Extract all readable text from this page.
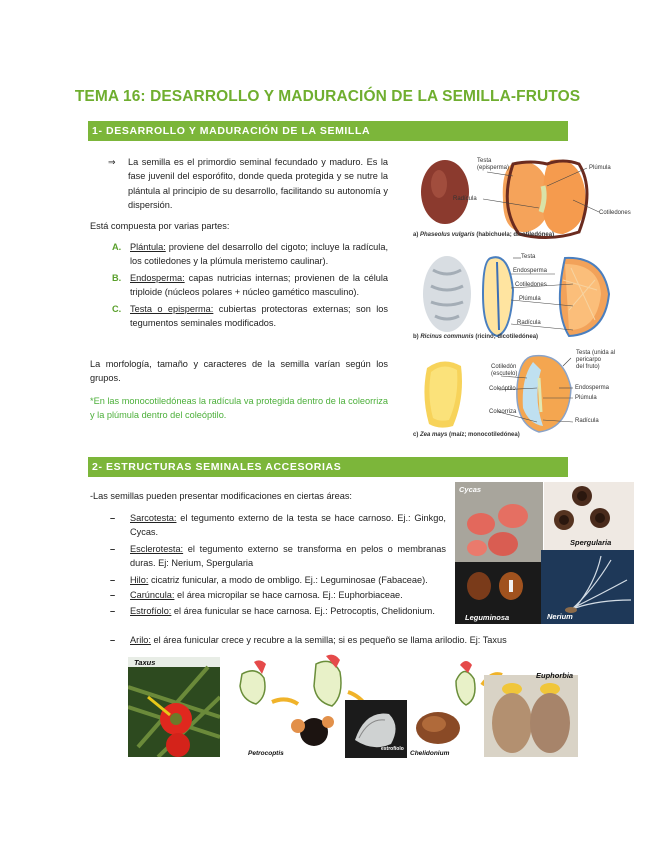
TEMA 16: DESARROLLO Y MADURACIÓN DE LA SEMILLA-FRUTOS
1- DESARROLLO Y MADURACIÓN DE LA SEMILLA
⇒ La semilla es el primordio seminal fecundado y maduro. Es la fase juvenil del esporófito, donde queda protegida y se nutre la plántula al principio de su desarrollo, facilitando su autonomía y dispersión.
Está compuesta por varias partes:
A. Plántula: proviene del desarrollo del cigoto; incluye la radícula, los cotiledones y la plúmula meristemo caulinar).
B. Endosperma: capas nutricias internas; provienen de la célula triploide (núcleos polares + núcleo gamético masculino).
C. Testa o episperma: cubiertas protectoras externas; son los tegumentos seminales modificados.
La morfología, tamaño y caracteres de la semilla varían según los grupos.
*En las monocotiledóneas la radícula va protegida dentro de la coleorriza y la plúmula dentro del coleóptilo.
Testa
(episperma)	Plúmula
Radícula
Cotiledones
a) Phaseolus vulgaris (habichuela; dicotiledónea)
Testa
Endosperma
Cotiledones
Plúmula
Radícula
b) Ricinus communis (ricino; dicotiledónea)
Testa (unida al
pericarpo
del fruto)
Cotiledón
(escutelo)
Coleóptilo	Endosperma
Plúmula
Coleorriza
Radícula
c) Zea mays (maíz; monocotiledónea)
2- ESTRUCTURAS SEMINALES ACCESORIAS
-Las semillas pueden presentar modificaciones en ciertas áreas:
–	Sarcotesta: el tegumento externo de la testa se hace carnoso. Ej.: Ginkgo, Cycas.
–	Esclerotesta: el tegumento externo se transforma en pelos o membranas duras. Ej: Nerium, Spergularia
–	Hilo: cicatriz funicular, a modo de ombligo. Ej.: Leguminosae (Fabaceae).
–	Carúncula: el área micropilar se hace carnosa. Ej.: Euphorbiaceae.
–	Estrofíolo: el área funicular se hace carnosa. Ej.: Petrocoptis, Chelidonium.
–	Arilo: el área funicular crece y recubre a la semilla; si es pequeño se llama arilodio. Ej: Taxus
Cycas
Spergularia
Leguminosa	Nerium
Taxus
Petrocoptis
estrofíolo
Chelidonium
Euphorbia
